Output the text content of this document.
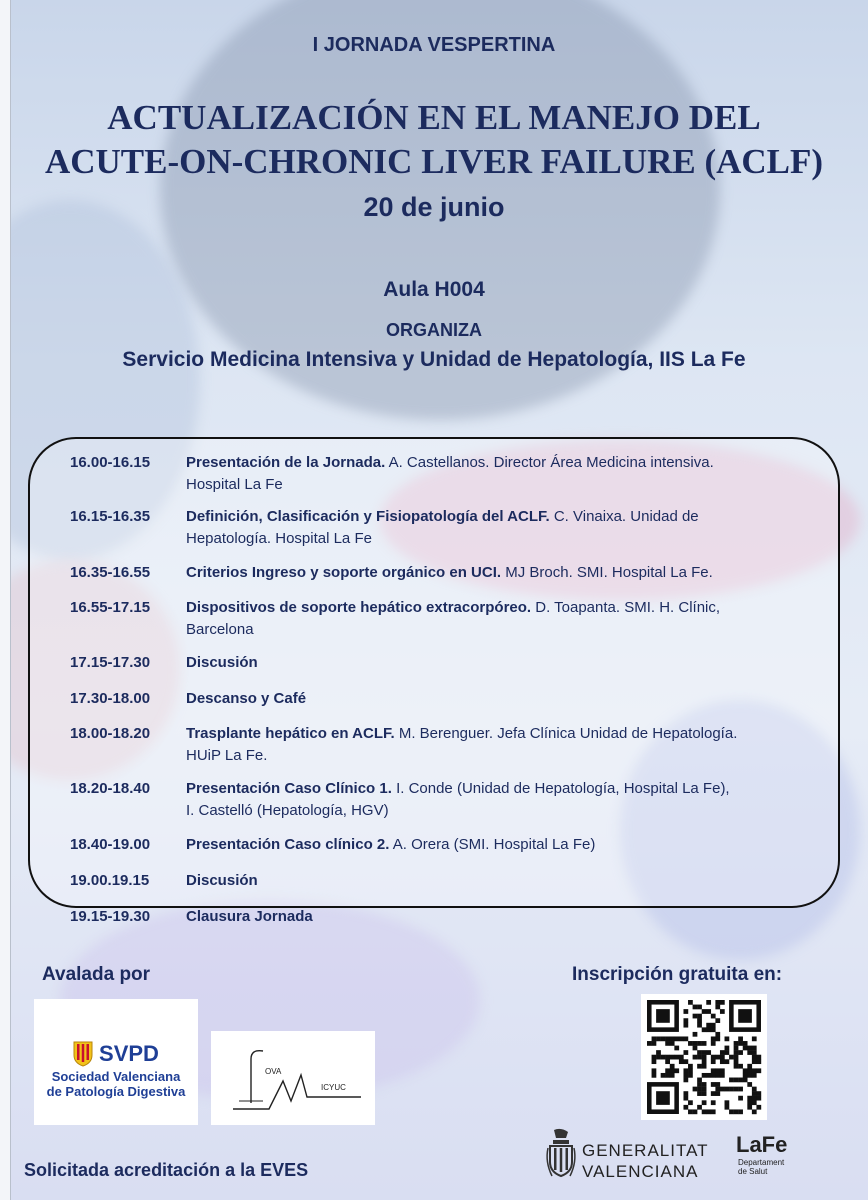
I JORNADA VESPERTINA
ACTUALIZACIÓN EN EL MANEJO DEL
ACUTE-ON-CHRONIC LIVER FAILURE (ACLF)
20 de junio
Aula H004
ORGANIZA
Servicio Medicina Intensiva y Unidad de Hepatología, IIS La Fe
16.00-16.15	Presentación de la Jornada. A. Castellanos. Director Área Medicina intensiva.
Hospital La Fe
16.15-16.35	Definición, Clasificación y Fisiopatología del ACLF. C. Vinaixa. Unidad de
Hepatología. Hospital La Fe
16.35-16.55	Criterios Ingreso y soporte orgánico en UCI. MJ Broch. SMI. Hospital La Fe.
16.55-17.15	Dispositivos de soporte hepático extracorpóreo. D. Toapanta. SMI. H. Clínic,
Barcelona
17.15-17.30	Discusión
17.30-18.00	Descanso y Café
18.00-18.20	Trasplante hepático en ACLF. M. Berenguer. Jefa Clínica Unidad de Hepatología.
HUiP La Fe.
18.20-18.40	Presentación Caso Clínico 1. I. Conde (Unidad de Hepatología, Hospital La Fe),
I. Castelló (Hepatología, HGV)
18.40-19.00	Presentación Caso clínico 2. A. Orera (SMI. Hospital La Fe)
19.00.19.15	Discusión
19.15-19.30	Clausura Jornada
Avalada por	Inscripción gratuita en:
SVPD
Sociedad Valenciana
de Patología Digestiva
OVA
ICYUC
Solicitada acreditación a la EVES
GENERALITAT
VALENCIANA
LaFe
Departament
de Salut
